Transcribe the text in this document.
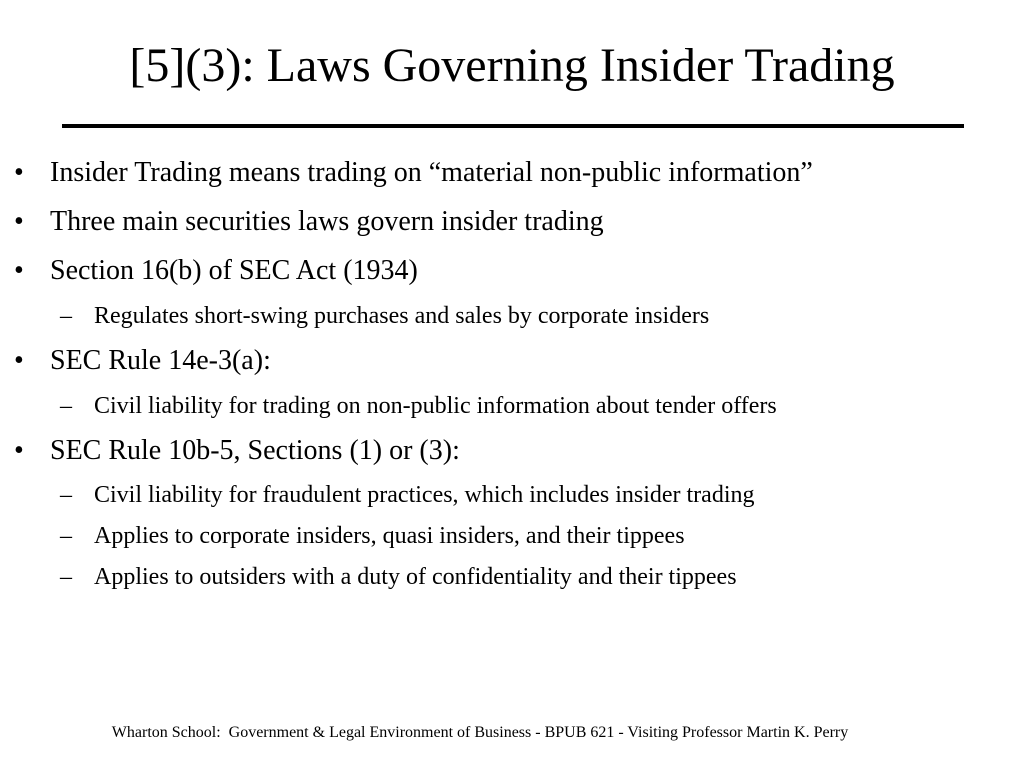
[5](3): Laws Governing Insider Trading
• Insider Trading means trading on “material non-public information”
• Three main securities laws govern insider trading
• Section 16(b) of SEC Act (1934)
– Regulates short-swing purchases and sales by corporate insiders
• SEC Rule 14e-3(a):
– Civil liability for trading on non-public information about tender offers
• SEC Rule 10b-5, Sections (1) or (3):
– Civil liability for fraudulent practices, which includes insider trading
– Applies to corporate insiders, quasi insiders, and their tippees
– Applies to outsiders with a duty of confidentiality and their tippees
Wharton School:  Government & Legal Environment of Business - BPUB 621 - Visiting Professor Martin K. Perry
